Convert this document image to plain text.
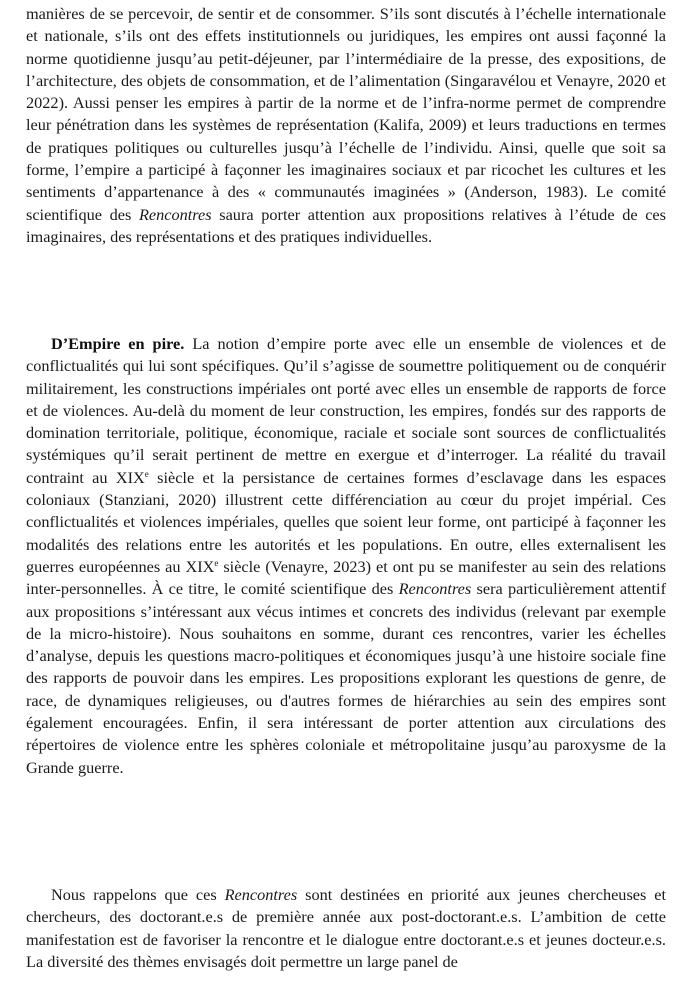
manières de se percevoir, de sentir et de consommer. S’ils sont discutés à l’échelle internationale et nationale, s’ils ont des effets institutionnels ou juridiques, les empires ont aussi façonné la norme quotidienne jusqu’au petit-déjeuner, par l’intermédiaire de la presse, des expositions, de l’architecture, des objets de consommation, et de l’alimentation (Singaravélou et Venayre, 2020 et 2022). Aussi penser les empires à partir de la norme et de l’infra-norme permet de comprendre leur pénétration dans les systèmes de représentation (Kalifa, 2009) et leurs traductions en termes de pratiques politiques ou culturelles jusqu’à l’échelle de l’individu. Ainsi, quelle que soit sa forme, l’empire a participé à façonner les imaginaires sociaux et par ricochet les cultures et les sentiments d’appartenance à des « communautés imaginées » (Anderson, 1983). Le comité scientifique des Rencontres saura porter attention aux propositions relatives à l’étude de ces imaginaires, des représentations et des pratiques individuelles.

D’Empire en pire. La notion d’empire porte avec elle un ensemble de violences et de conflictualités qui lui sont spécifiques. Qu’il s’agisse de soumettre politiquement ou de conquérir militairement, les constructions impériales ont porté avec elles un ensemble de rapports de force et de violences. Au-delà du moment de leur construction, les empires, fondés sur des rapports de domination territoriale, politique, économique, raciale et sociale sont sources de conflictualités systémiques qu’il serait pertinent de mettre en exergue et d’interroger. La réalité du travail contraint au XIXe siècle et la persistance de certaines formes d’esclavage dans les espaces coloniaux (Stanziani, 2020) illustrent cette différenciation au cœur du projet impérial. Ces conflictualités et violences impériales, quelles que soient leur forme, ont participé à façonner les modalités des relations entre les autorités et les populations. En outre, elles externalisent les guerres européennes au XIXe siècle (Venayre, 2023) et ont pu se manifester au sein des relations inter-personnelles. À ce titre, le comité scientifique des Rencontres sera particulièrement attentif aux propositions s’intéressant aux vécus intimes et concrets des individus (relevant par exemple de la micro-histoire). Nous souhaitons en somme, durant ces rencontres, varier les échelles d’analyse, depuis les questions macro-politiques et économiques jusqu’à une histoire sociale fine des rapports de pouvoir dans les empires. Les propositions explorant les questions de genre, de race, de dynamiques religieuses, ou d'autres formes de hiérarchies au sein des empires sont également encouragées. Enfin, il sera intéressant de porter attention aux circulations des répertoires de violence entre les sphères coloniale et métropolitaine jusqu’au paroxysme de la Grande guerre.

Nous rappelons que ces Rencontres sont destinées en priorité aux jeunes chercheuses et chercheurs, des doctorant.e.s de première année aux post-doctorant.e.s. L’ambition de cette manifestation est de favoriser la rencontre et le dialogue entre doctorant.e.s et jeunes docteur.e.s. La diversité des thèmes envisagés doit permettre un large panel de
